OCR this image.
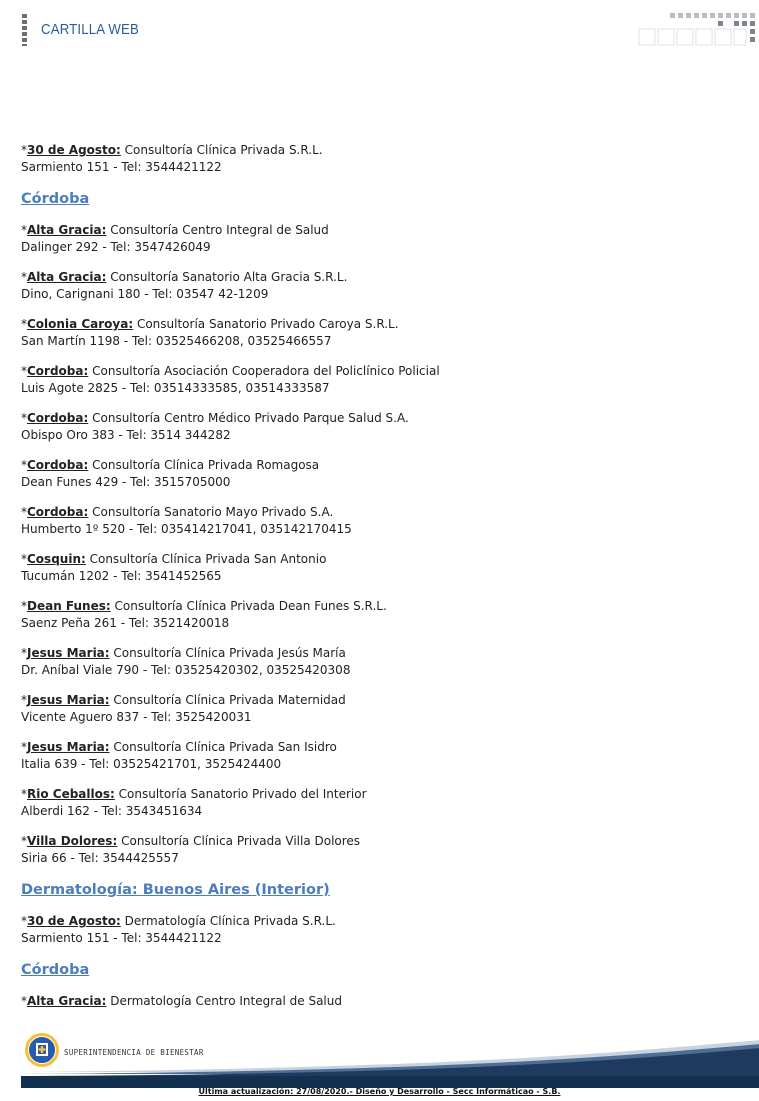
CARTILLA WEB
*30 de Agosto: Consultoría Clínica Privada S.R.L.
Sarmiento 151 - Tel: 3544421122
Córdoba
*Alta Gracia: Consultoría Centro Integral de Salud
Dalinger 292 - Tel: 3547426049
*Alta Gracia: Consultoría Sanatorio Alta Gracia S.R.L.
Dino, Carignani 180 - Tel: 03547 42-1209
*Colonia Caroya: Consultoría Sanatorio Privado Caroya S.R.L.
San Martín 1198 - Tel: 03525466208, 03525466557
*Cordoba: Consultoría Asociación Cooperadora del Policlínico Policial
Luis Agote 2825 - Tel: 03514333585, 03514333587
*Cordoba: Consultoría Centro Médico Privado Parque Salud S.A.
Obispo Oro 383 - Tel: 3514 344282
*Cordoba: Consultoría Clínica Privada Romagosa
Dean Funes 429 - Tel: 3515705000
*Cordoba: Consultoría Sanatorio Mayo Privado S.A.
Humberto 1º 520 - Tel: 035414217041, 035142170415
*Cosquin: Consultoría Clínica Privada San Antonio
Tucumán 1202 - Tel: 3541452565
*Dean Funes: Consultoría Clínica Privada Dean Funes S.R.L.
Saenz Peña 261 - Tel: 3521420018
*Jesus Maria: Consultoría Clínica Privada Jesús María
Dr. Aníbal Viale 790 - Tel: 03525420302, 03525420308
*Jesus Maria: Consultoría Clínica Privada Maternidad
Vicente Aguero 837 - Tel: 3525420031
*Jesus Maria: Consultoría Clínica Privada San Isidro
Italia 639 - Tel: 03525421701, 3525424400
*Rio Ceballos: Consultoría Sanatorio Privado del Interior
Alberdi 162 - Tel: 3543451634
*Villa Dolores: Consultoría Clínica Privada Villa Dolores
Siria 66 - Tel: 3544425557
Dermatología: Buenos Aires (Interior)
*30 de Agosto: Dermatología Clínica Privada S.R.L.
Sarmiento 151 - Tel: 3544421122
Córdoba
*Alta Gracia: Dermatología Centro Integral de Salud
SUPERINTENDENCIA DE BIENESTAR
Ultima actualización: 27/08/2020.- Diseño y Desarrollo - Secc Informáticao - S.B.
